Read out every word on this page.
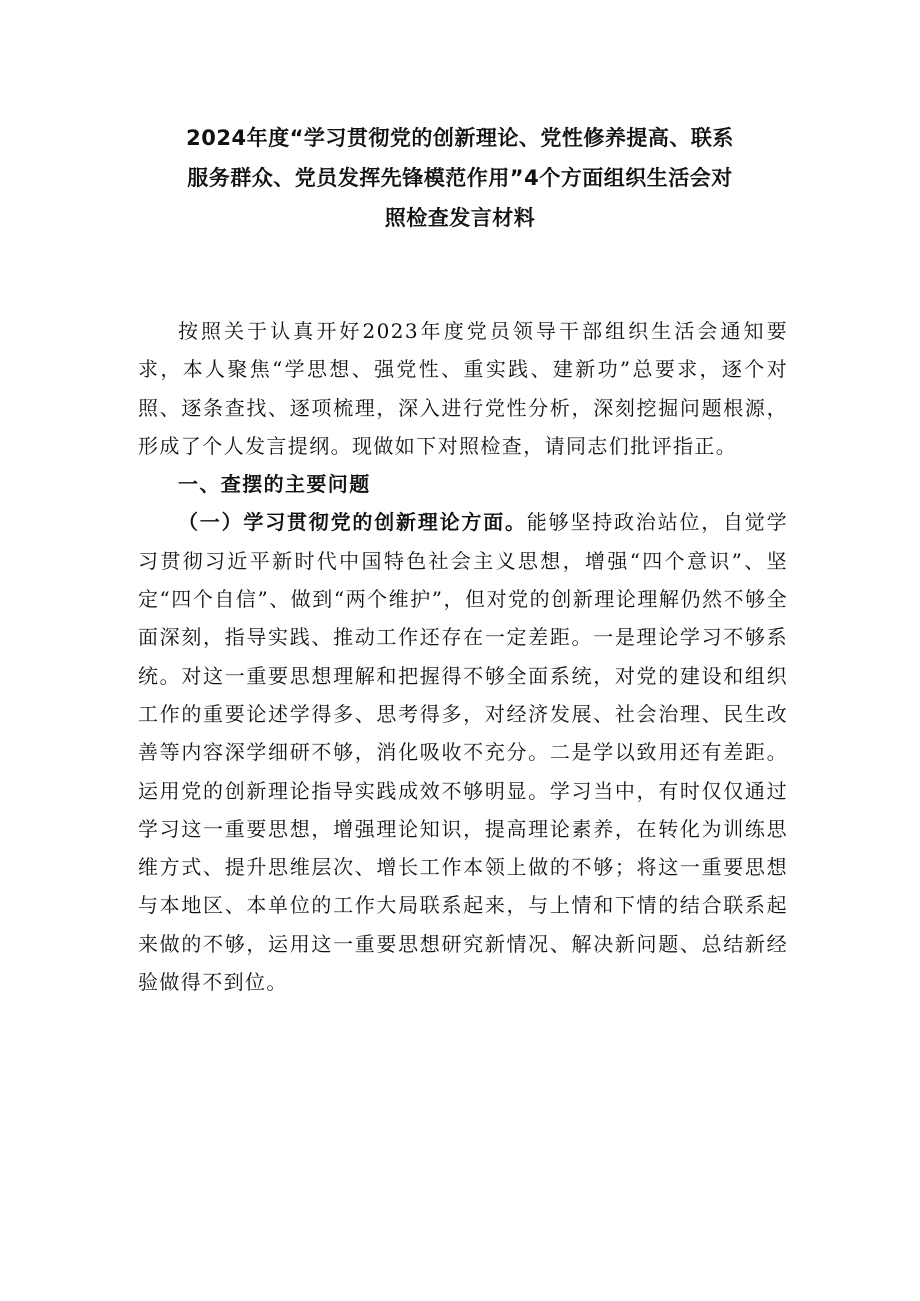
2024年度“学习贯彻党的创新理论、党性修养提高、联系
服务群众、党员发挥先锋模范作用”4个方面组织生活会对
照检查发言材料

按照关于认真开好2023年度党员领导干部组织生活会通知要求，本人聚焦“学思想、强党性、重实践、建新功”总要求，逐个对照、逐条查找、逐项梳理，深入进行党性分析，深刻挖掘问题根源，形成了个人发言提纲。现做如下对照检查，请同志们批评指正。

一、查摆的主要问题

（一）学习贯彻党的创新理论方面。能够坚持政治站位，自觉学习贯彻习近平新时代中国特色社会主义思想，增强“四个意识”、坚定“四个自信”、做到“两个维护”，但对党的创新理论理解仍然不够全面深刻，指导实践、推动工作还存在一定差距。一是理论学习不够系统。对这一重要思想理解和把握得不够全面系统，对党的建设和组织工作的重要论述学得多、思考得多，对经济发展、社会治理、民生改善等内容深学细研不够，消化吸收不充分。二是学以致用还有差距。运用党的创新理论指导实践成效不够明显。学习当中，有时仅仅通过学习这一重要思想，增强理论知识，提高理论素养，在转化为训练思维方式、提升思维层次、增长工作本领上做的不够；将这一重要思想与本地区、本单位的工作大局联系起来，与上情和下情的结合联系起来做的不够，运用这一重要思想研究新情况、解决新问题、总结新经验做得不到位。
